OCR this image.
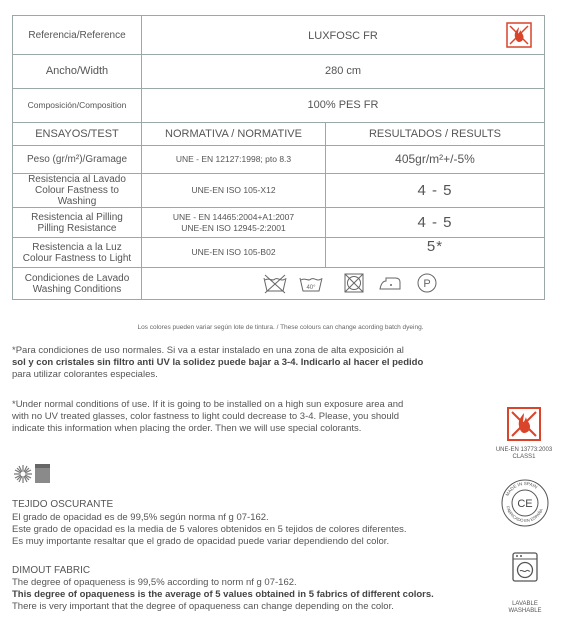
Referencia/Reference	LUXFOSC FR	

Ancho/Width	280 cm	
Composición/Composition	100% PES FR	
ENSAYOS/TEST	NORMATIVA / NORMATIVE	RESULTADOS / RESULTS
Peso (gr/m²)/Gramage	UNE - EN 12127:1998; pto 8.3	405gr/m²+/-5%
Resistencia al Lavado
Colour Fastness to Washing	UNE-EN ISO 105-X12	4 - 5
Resistencia al Pilling
Pilling Resistance	UNE - EN 14465:2004+A1:2007
UNE-EN ISO 12945-2:2001	4 - 5
Resistencia a la Luz
Colour Fastness to Light	UNE-EN ISO 105-B02	5*
Condiciones de Lavado
Washing Conditions	40°
P	
Los colores pueden variar según lote de tintura. / These colours can change acording batch dyeing.
*Para condiciones de uso normales. Si va a estar instalado en una zona de alta exposición al
sol y con cristales sin filtro anti UV la solidez puede bajar a 3-4. Indicarlo al hacer el pedido
para utilizar colorantes especiales.
*Under normal conditions of use. If it is going to be installed on a high sun exposure area and
with no UV treated glasses, color fastness to light could decrease to 3-4. Please, you should
indicate this information when placing the order. Then we will use special colorants.
UNE-EN 13773:2003
CLASS1
TEJIDO OSCURANTE
El grado de opacidad es de 99,5% según norma nf g 07-162.
Este grado de opacidad es la media de 5 valores obtenidos en 5 tejidos de colores diferentes.
Es muy importante resaltar que el grado de opacidad puede variar dependiendo del color.
DIMOUT FABRIC
The degree of opaqueness is 99,5% according to norm nf g 07-162.
This degree of opaqueness is the average of 5 values obtained in 5 fabrics of different colors.
There is very important that the degree of opaqueness can change depending on the color.
MADE IN SPAIN
FABRICADO EN ESPAÑA
CE
LAVABLE
WASHABLE
